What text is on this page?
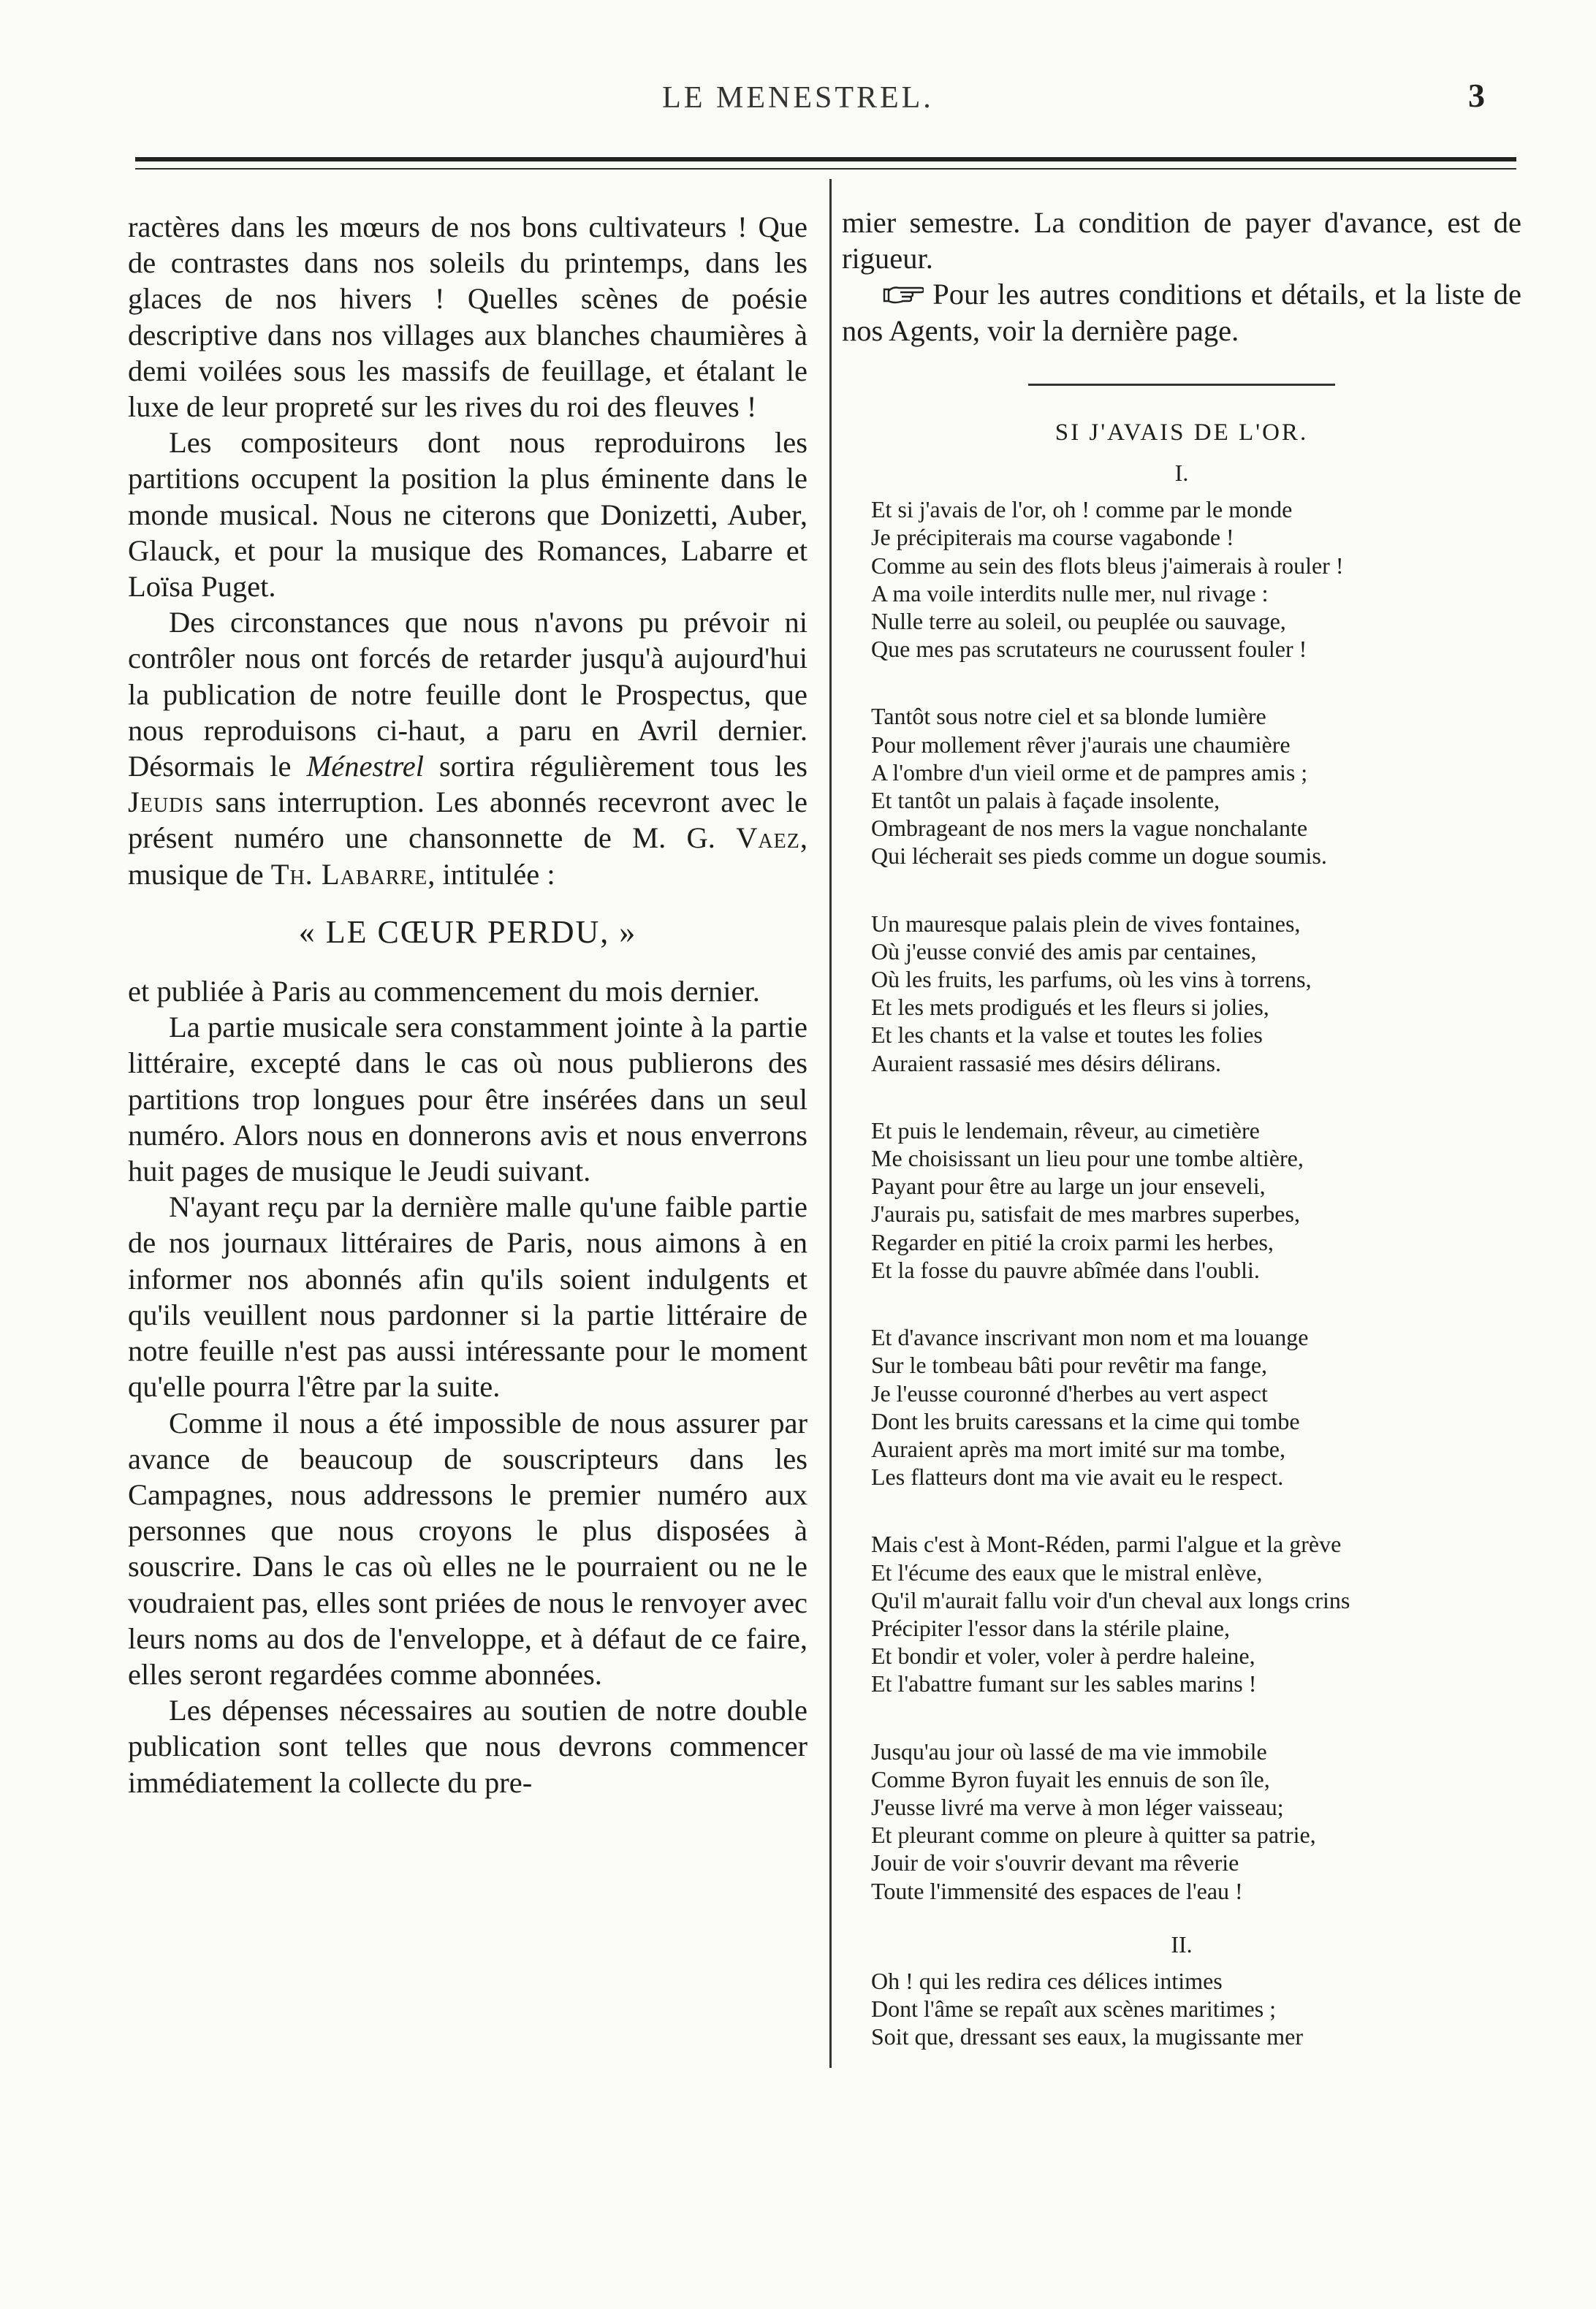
LE MENESTREL.	3

ractères dans les mœurs de nos bons cultivateurs ! Que de contrastes dans nos soleils du printemps, dans les glaces de nos hivers ! Quelles scènes de poésie descriptive dans nos villages aux blanches chaumières à demi voilées sous les massifs de feuillage, et étalant le luxe de leur propreté sur les rives du roi des fleuves !

Les compositeurs dont nous reproduirons les partitions occupent la position la plus éminente dans le monde musical. Nous ne citerons que Donizetti, Auber, Glauck, et pour la musique des Romances, Labarre et Loïsa Puget.

Des circonstances que nous n'avons pu prévoir ni contrôler nous ont forcés de retarder jusqu'à aujourd'hui la publication de notre feuille dont le Prospectus, que nous reproduisons ci-haut, a paru en Avril dernier. Désormais le Ménestrel sortira régulièrement tous les Jeudis sans interruption. Les abonnés recevront avec le présent numéro une chansonnette de M. G. Vaez, musique de Th. Labarre, intitulée :

« LE CŒUR PERDU, »

et publiée à Paris au commencement du mois dernier.

La partie musicale sera constamment jointe à la partie littéraire, excepté dans le cas où nous publierons des partitions trop longues pour être insérées dans un seul numéro. Alors nous en donnerons avis et nous enverrons huit pages de musique le Jeudi suivant.

N'ayant reçu par la dernière malle qu'une faible partie de nos journaux littéraires de Paris, nous aimons à en informer nos abonnés afin qu'ils soient indulgents et qu'ils veuillent nous pardonner si la partie littéraire de notre feuille n'est pas aussi intéressante pour le moment qu'elle pourra l'être par la suite.

Comme il nous a été impossible de nous assurer par avance de beaucoup de souscripteurs dans les Campagnes, nous addressons le premier numéro aux personnes que nous croyons le plus disposées à souscrire. Dans le cas où elles ne le pourraient ou ne le voudraient pas, elles sont priées de nous le renvoyer avec leurs noms au dos de l'enveloppe, et à défaut de ce faire, elles seront regardées comme abonnées.

Les dépenses nécessaires au soutien de notre double publication sont telles que nous devrons commencer immédiatement la collecte du pre-

mier semestre. La condition de payer d'avance, est de rigueur.

Pour les autres conditions et détails, et la liste de nos Agents, voir la dernière page.

SI J'AVAIS DE L'OR.
I.
Et si j'avais de l'or, oh ! comme par le monde
Je précipiterais ma course vagabonde !
Comme au sein des flots bleus j'aimerais à rouler !
A ma voile interdits nulle mer, nul rivage :
Nulle terre au soleil, ou peuplée ou sauvage,
Que mes pas scrutateurs ne courussent fouler !
Tantôt sous notre ciel et sa blonde lumière
Pour mollement rêver j'aurais une chaumière
A l'ombre d'un vieil orme et de pampres amis ;
Et tantôt un palais à façade insolente,
Ombrageant de nos mers la vague nonchalante
Qui lécherait ses pieds comme un dogue soumis.
Un mauresque palais plein de vives fontaines,
Où j'eusse convié des amis par centaines,
Où les fruits, les parfums, où les vins à torrens,
Et les mets prodigués et les fleurs si jolies,
Et les chants et la valse et toutes les folies
Auraient rassasié mes désirs délirans.
Et puis le lendemain, rêveur, au cimetière
Me choisissant un lieu pour une tombe altière,
Payant pour être au large un jour enseveli,
J'aurais pu, satisfait de mes marbres superbes,
Regarder en pitié la croix parmi les herbes,
Et la fosse du pauvre abîmée dans l'oubli.
Et d'avance inscrivant mon nom et ma louange
Sur le tombeau bâti pour revêtir ma fange,
Je l'eusse couronné d'herbes au vert aspect
Dont les bruits caressans et la cime qui tombe
Auraient après ma mort imité sur ma tombe,
Les flatteurs dont ma vie avait eu le respect.
Mais c'est à Mont-Réden, parmi l'algue et la grève
Et l'écume des eaux que le mistral enlève,
Qu'il m'aurait fallu voir d'un cheval aux longs crins
Précipiter l'essor dans la stérile plaine,
Et bondir et voler, voler à perdre haleine,
Et l'abattre fumant sur les sables marins !
Jusqu'au jour où lassé de ma vie immobile
Comme Byron fuyait les ennuis de son île,
J'eusse livré ma verve à mon léger vaisseau;
Et pleurant comme on pleure à quitter sa patrie,
Jouir de voir s'ouvrir devant ma rêverie
Toute l'immensité des espaces de l'eau !
II.
Oh ! qui les redira ces délices intimes
Dont l'âme se repaît aux scènes maritimes ;
Soit que, dressant ses eaux, la mugissante mer
